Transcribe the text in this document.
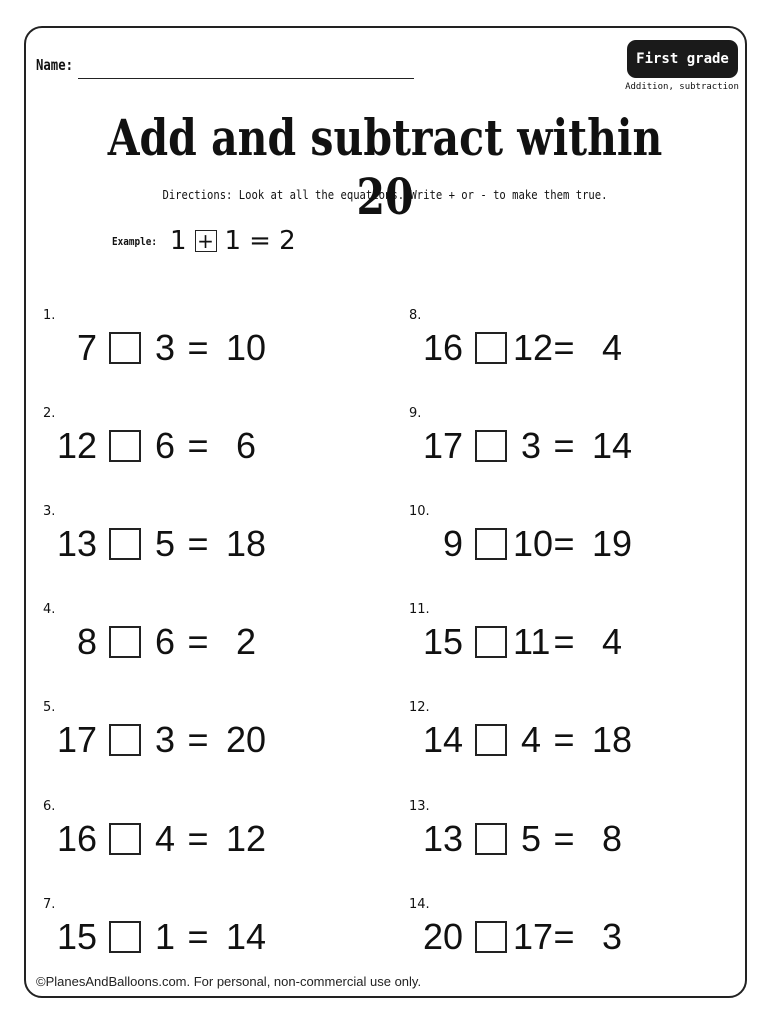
Name:	First grade
Addition, subtraction
Add and subtract within 20
Directions: Look at all the equations. Write + or - to make them true.
Example: 1 + 1 = 2
1.
7 3 = 10
2.
12 6 = 6
3.
13 5 = 18
4.
8 6 = 2
5.
17 3 = 20
6.
16 4 = 12
7.
15 1 = 14
8.
16 12 = 4
9.
17 3 = 14
10.
9 10 = 19
11.
15 11 = 4
12.
14 4 = 18
13.
13 5 = 8
14.
20 17 = 3
©PlanesAndBalloons.com. For personal, non-commercial use only.
